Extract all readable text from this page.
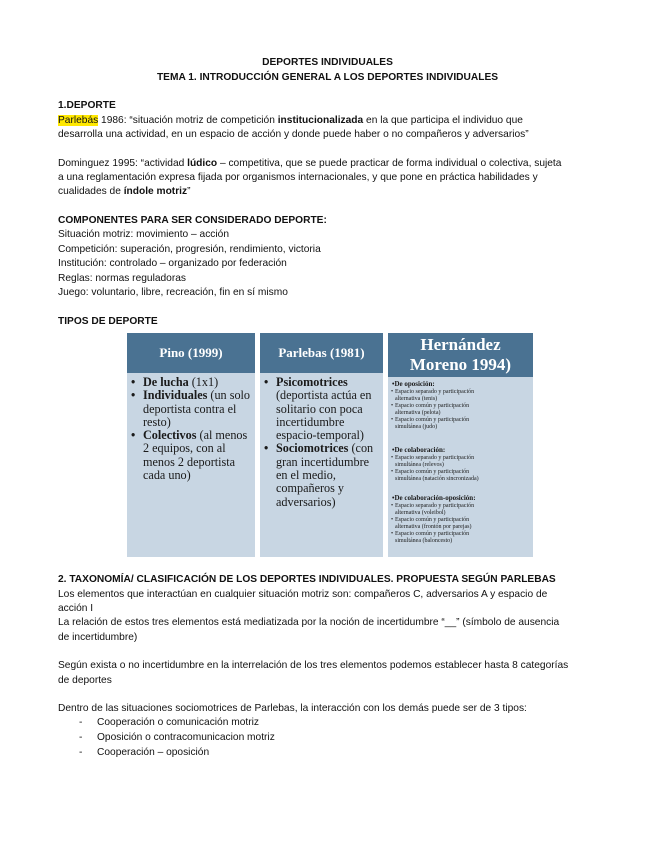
DEPORTES INDIVIDUALES
TEMA 1. INTRODUCCIÓN GENERAL A LOS DEPORTES INDIVIDUALES
1.DEPORTE
Parlebás 1986: “situación motriz de competición institucionalizada en la que participa el individuo que
desarrolla una actividad, en un espacio de acción y donde puede haber o no compañeros y adversarios”
Dominguez 1995: “actividad lúdico – competitiva, que se puede practicar de forma individual o colectiva, sujeta
a una reglamentación expresa fijada por organismos internacionales, y que pone en práctica habilidades y
cualidades de índole motriz”
COMPONENTES PARA SER CONSIDERADO DEPORTE:
Situación motriz: movimiento – acción
Competición: superación, progresión, rendimiento, victoria
Institución: controlado – organizado por federación
Reglas: normas reguladoras
Juego: voluntario, libre, recreación, fin en sí mismo
TIPOS DE DEPORTE
Pino (1999)
• De lucha (1x1)
• Individuales (un solo deportista contra el resto)
• Colectivos (al menos 2 equipos, con al menos 2 deportista cada uno)
Parlebas (1981)
• Psicomotrices (deportista actúa en solitario con poca incertidumbre espacio-temporal)
• Sociomotrices (con gran incertidumbre en el medio, compañeros y adversarios)
Hernández
Moreno 1994)
•De oposición:
• Espacio separado y participación
alternativa (tenis)
• Espacio común y participación
alternativa (pelota)
• Espacio común y participación
simultánea (judo)
•De colaboración:
• Espacio separado y participación
simultánea (relevos)
• Espacio común y participación
simultánea (natación sincronizada)
•De colaboración-oposición:
• Espacio separado y participación
alternativa (voleibol)
• Espacio común y participación
alternativa (frontón por parejas)
• Espacio común y participación
simultánea (baloncesto)
2. TAXONOMÍA/ CLASIFICACIÓN DE LOS DEPORTES INDIVIDUALES. PROPUESTA SEGÚN PARLEBAS
Los elementos que interactúan en cualquier situación motriz son: compañeros C, adversarios A y espacio de
acción I
La relación de estos tres elementos está mediatizada por la noción de incertidumbre “__” (símbolo de ausencia
de incertidumbre)
Según exista o no incertidumbre en la interrelación de los tres elementos podemos establecer hasta 8 categorías
de deportes
Dentro de las situaciones sociomotrices de Parlebas, la interacción con los demás puede ser de 3 tipos:
- Cooperación o comunicación motriz
- Oposición o contracomunicacion motriz
- Cooperación – oposición
